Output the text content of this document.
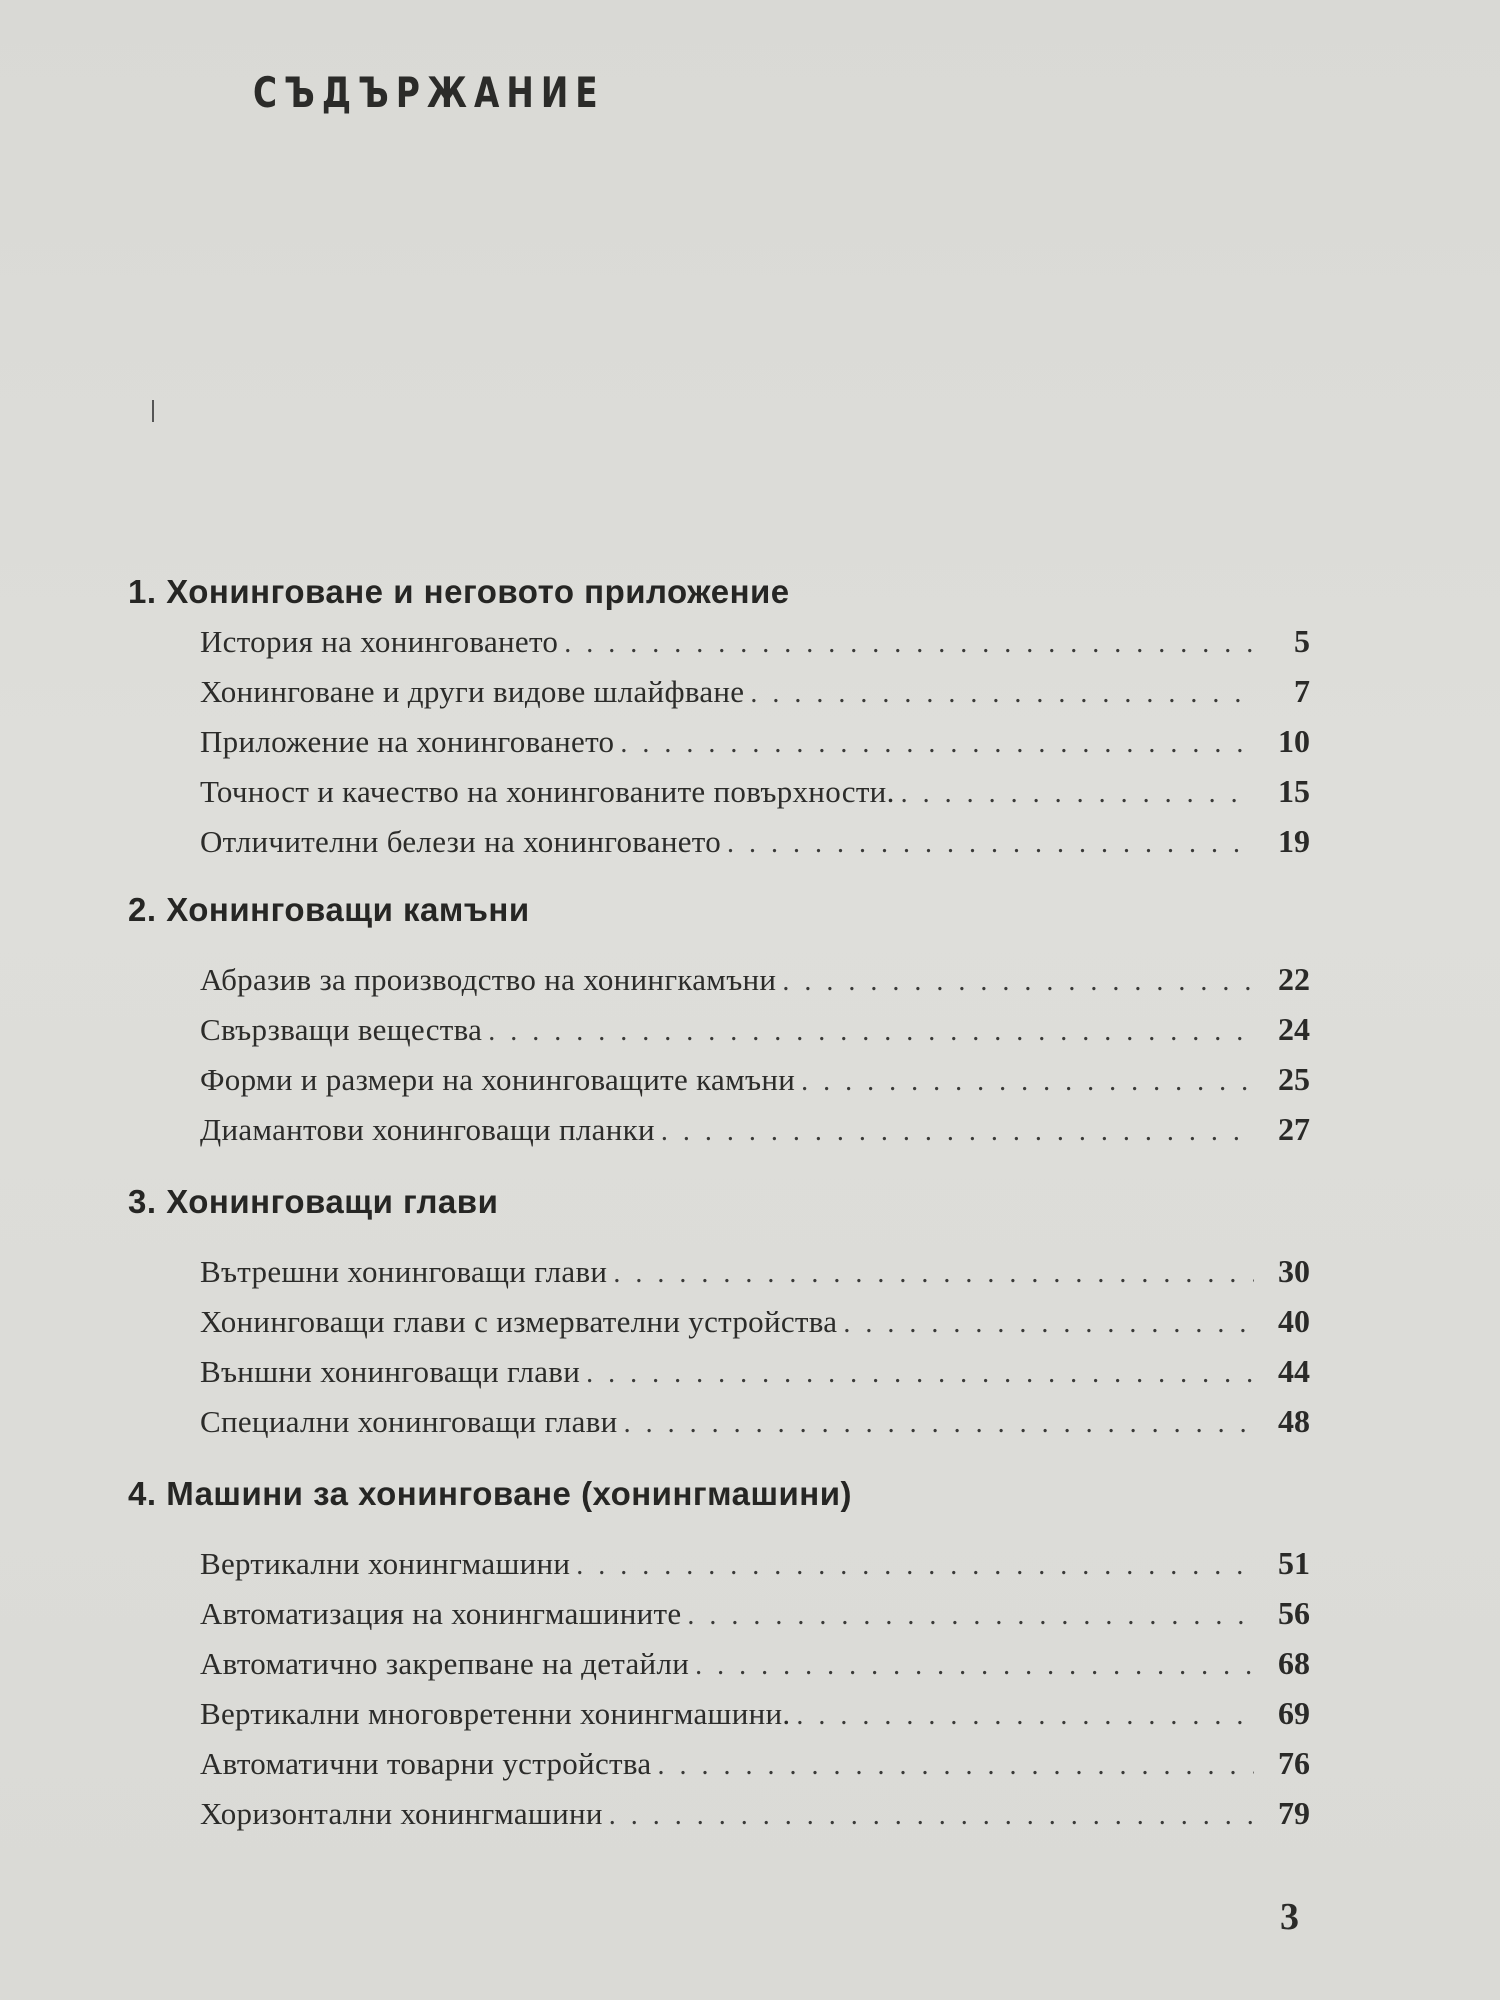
СЪДЪРЖАНИЕ
1. Хонинговане и неговото приложение
История на хонинговането . . .	5
Хонинговане и други видове шлайфване . . .	7
Приложение на хонинговането . . .	10
Точност и качество на хонингованите повърхности. . . .	15
Отличителни белези на хонинговането . . .	19
2. Хонинговащи камъни
Абразив за производство на хонингкамъни . . .	22
Свързващи вещества . . .	24
Форми и размери на хонинговащите камъни . . .	25
Диамантови хонинговащи планки . . .	27
3. Хонинговащи глави
Вътрешни хонинговащи глави . . .	30
Хонинговащи глави с измервателни устройства . . .	40
Външни хонинговащи глави . . .	44
Специални хонинговащи глави . . .	48
4. Машини за хонинговане (хонингмашини)
Вертикални хонингмашини . . .	51
Автоматизация на хонингмашините . . .	56
Автоматично закрепване на детайли . . .	68
Вертикални многовретенни хонингмашини. . . .	69
Автоматични товарни устройства . . .	76
Хоризонтални хонингмашини . . .	79
3
